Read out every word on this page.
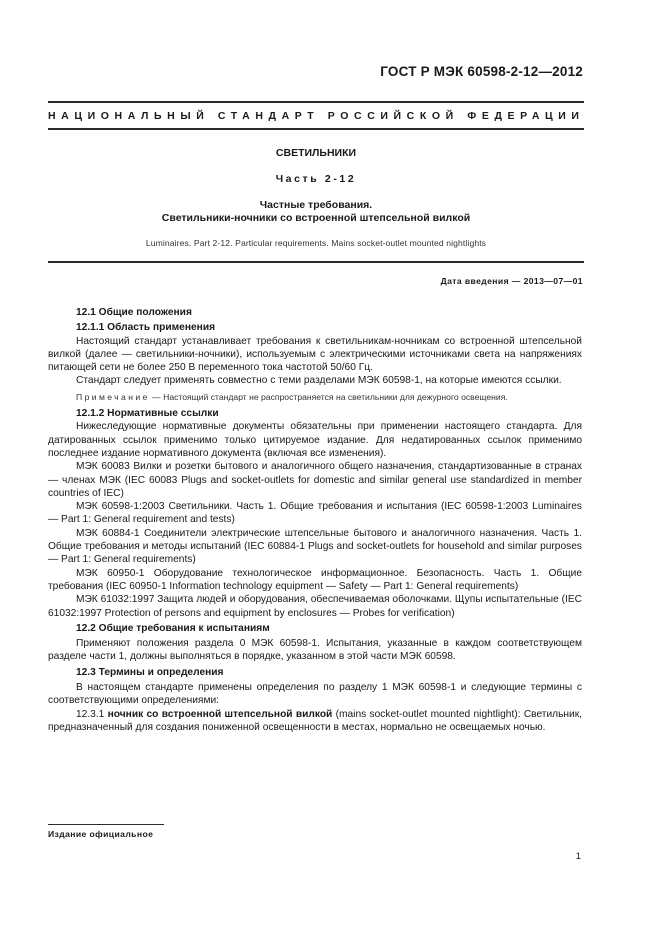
ГОСТ Р МЭК 60598-2-12—2012
НАЦИОНАЛЬНЫЙ СТАНДАРТ РОССИЙСКОЙ ФЕДЕРАЦИИ
СВЕТИЛЬНИКИ
Часть 2-12
Частные требования.
Светильники-ночники со встроенной штепсельной вилкой
Luminaires. Part 2-12. Particular requirements. Mains socket-outlet mounted nightlights
Дата введения — 2013—07—01

12.1 Общие положения

12.1.1 Область применения

Настоящий стандарт устанавливает требования к светильникам-ночникам со встроенной штепсельной вилкой (далее — светильники-ночники), используемым с электрическими источниками света на напряжениях питающей сети не более 250 В переменного тока частотой 50/60 Гц.

Стандарт следует применять совместно с теми разделами МЭК 60598-1, на которые имеются ссылки.

Примечание — Настоящий стандарт не распространяется на светильники для дежурного освещения.

12.1.2 Нормативные ссылки

Нижеследующие нормативные документы обязательны при применении настоящего стандарта. Для датированных ссылок применимо только цитируемое издание. Для недатированных ссылок применимо последнее издание нормативного документа (включая все изменения).

МЭК 60083 Вилки и розетки бытового и аналогичного общего назначения, стандартизованные в странах — членах МЭК (IEC 60083 Plugs and socket-outlets for domestic and similar general use standardized in member countries of IEC)

МЭК 60598-1:2003 Светильники. Часть 1. Общие требования и испытания (IEC 60598-1:2003 Luminaires — Part 1: General requirement and tests)

МЭК 60884-1 Соединители электрические штепсельные бытового и аналогичного назначения. Часть 1. Общие требования и методы испытаний (IEC 60884-1 Plugs and socket-outlets for household and similar purposes — Part 1: General requirements)

МЭК 60950-1 Оборудование технологическое информационное. Безопасность. Часть 1. Общие требования (IEC 60950-1 Information technology equipment — Safety — Part 1: General requirements)

МЭК 61032:1997 Защита людей и оборудования, обеспечиваемая оболочками. Щупы испытательные (IEC 61032:1997 Protection of persons and equipment by enclosures — Probes for verification)

12.2 Общие требования к испытаниям

Применяют положения раздела 0 МЭК 60598-1. Испытания, указанные в каждом соответствующем разделе части 1, должны выполняться в порядке, указанном в этой части МЭК 60598.

12.3 Термины и определения

В настоящем стандарте применены определения по разделу 1 МЭК 60598-1 и следующие термины с соответствующими определениями:

12.3.1 ночник со встроенной штепсельной вилкой (mains socket-outlet mounted nightlight): Светильник, предназначенный для создания пониженной освещенности в местах, нормально не освещаемых ночью.

Издание официальное
1
